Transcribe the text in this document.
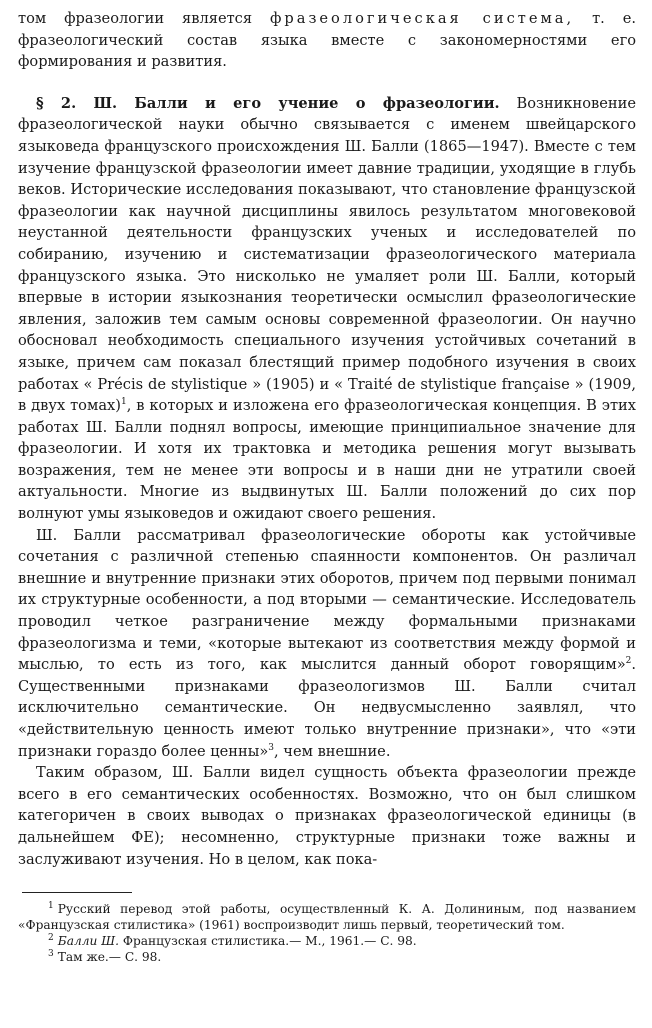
том фразеологии является фразеологическая система, т. е. фразеологический состав языка вместе с закономерностями его формирования и развития.

§ 2. Ш. Балли и его учение о фразеологии. Возникновение фразеологической науки обычно связывается с именем швейцарского языковеда французского происхождения Ш. Балли (1865—1947). Вместе с тем изучение французской фразеологии имеет давние традиции, уходящие в глубь веков. Исторические исследования показывают, что становление французской фразеологии как научной дисциплины явилось результатом многовековой неустанной деятельности французских ученых и исследователей по собиранию, изучению и систематизации фразеологического материала французского языка. Это нисколько не умаляет роли Ш. Балли, который впервые в истории языкознания теоретически осмыслил фразеологические явления, заложив тем самым основы современной фразеологии. Он научно обосновал необходимость специального изучения устойчивых сочетаний в языке, причем сам показал блестящий пример подобного изучения в своих работах « Précis de stylistique » (1905) и « Traité de stylistique française » (1909, в двух томах)$^1$, в которых и изложена его фразеологическая концепция. В этих работах Ш. Балли поднял вопросы, имеющие принципиальное значение для фразеологии. И хотя их трактовка и методика решения могут вызывать возражения, тем не менее эти вопросы и в наши дни не утратили своей актуальности. Многие из выдвинутых Ш. Балли положений до сих пор волнуют умы языковедов и ожидают своего решения.

Ш. Балли рассматривал фразеологические обороты как устойчивые сочетания с различной степенью спаянности компонентов. Он различал внешние и внутренние признаки этих оборотов, причем под первыми понимал их структурные особенности, а под вторыми — семантические. Исследователь проводил четкое разграничение между формальными признаками фразеологизма и теми, «которые вытекают из соответствия между формой и мыслью, то есть из того, как мыслится данный оборот говорящим»$^2$. Существенными признаками фразеологизмов Ш. Балли считал исключительно семантические. Он недвусмысленно заявлял, что «действительную ценность имеют только внутренние признаки», что «эти признаки гораздо более ценны»$^3$, чем внешние.

Таким образом, Ш. Балли видел сущность объекта фразеологии прежде всего в его семантических особенностях. Возможно, что он был слишком категоричен в своих выводах о признаках фразеологической единицы (в дальнейшем ФЕ); несомненно, структурные признаки тоже важны и заслуживают изучения. Но в целом, как пока-

$^1$ Русский перевод этой работы, осуществленный К. А. Долининым, под названием «Французская стилистика» (1961) воспроизводит лишь первый, теоретический том.

$^2$ Балли Ш. Французская стилистика.— М., 1961.— С. 98.

$^3$ Там же.— С. 98.
